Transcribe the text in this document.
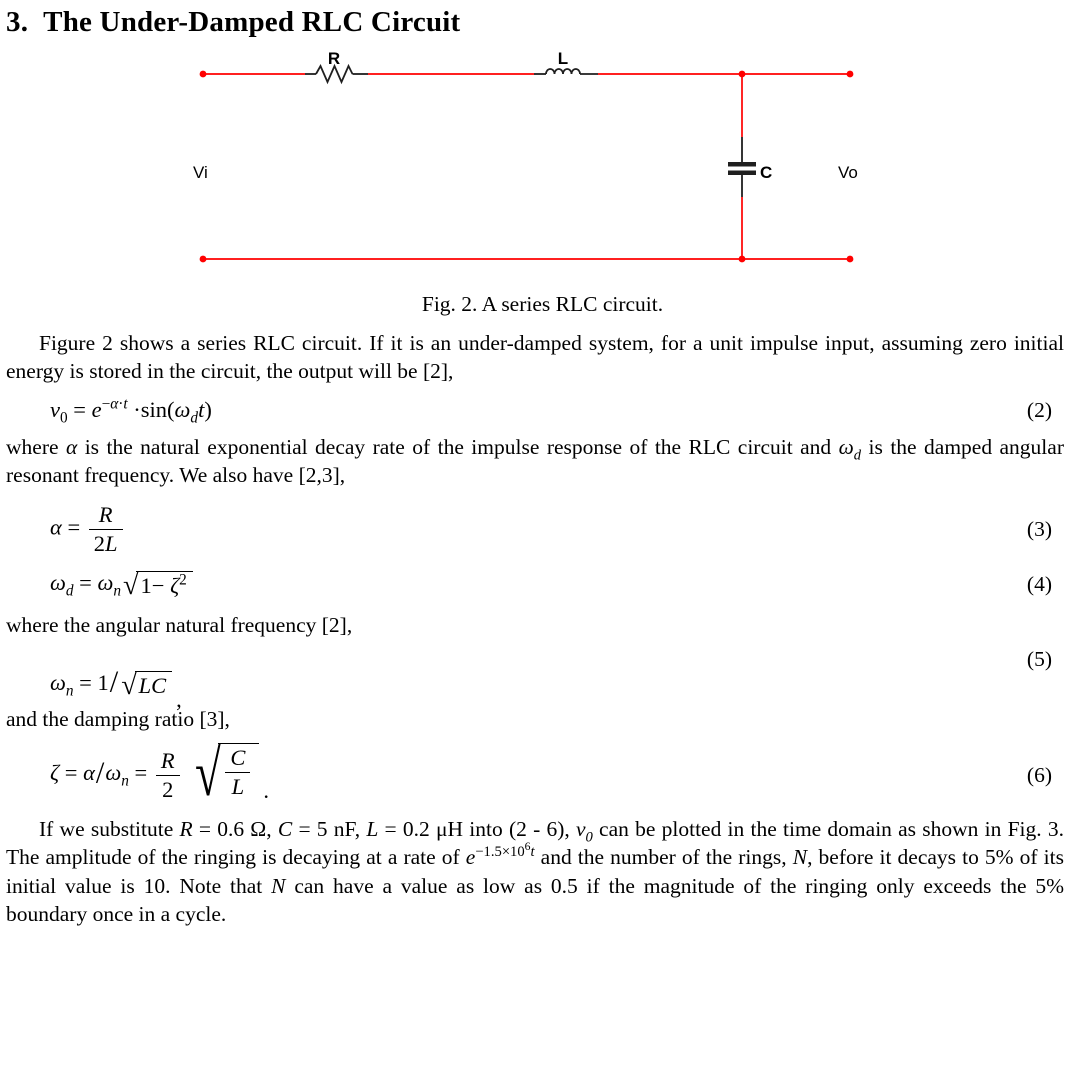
3. The Under-Damped RLC Circuit
R	L
C
Vi	Vo
Fig. 2. A series RLC circuit.

Figure 2 shows a series RLC circuit. If it is an under-damped system, for a unit impulse input, assuming zero initial energy is stored in the circuit, the output will be [2],

$v_0 = e^{-\alpha\cdot t} \cdot\sin(\omega_dt)$	(2)

where α is the natural exponential decay rate of the impulse response of the RLC circuit and $\omega_d$ is the damped angular resonant frequency. We also have [2,3],

$\alpha = \frac{R}{2L}$	(3)
$\omega_d = \omega_n$ √ $1- \zeta^2$	(4)

where the angular natural frequency [2],

$\omega_n = 1/$ √ LC
,
(5)

and the damping ratio [3],

$\zeta = \alpha/\omega_n = \frac{R}{2}$ √ $\frac{C}{L}$ .
(6)

If we substitute R = 0.6 Ω, C = 5 nF, L = 0.2 μH into (2 - 6), $v_0$ can be plotted in the time domain as shown in Fig. 3. The amplitude of the ringing is decaying at a rate of $e^{-1.5\times 10^6t}$ and the number of the rings, N, before it decays to 5% of its initial value is 10. Note that N can have a value as low as 0.5 if the magnitude of the ringing only exceeds the 5% boundary once in a cycle.
